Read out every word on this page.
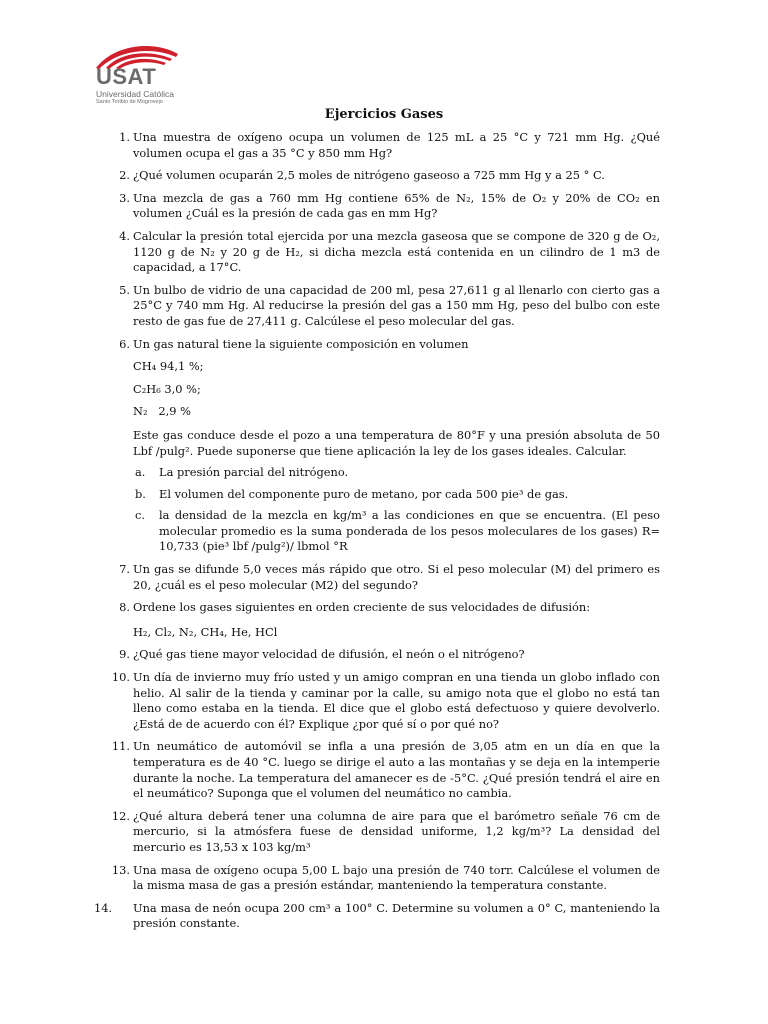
USAT
Universidad Católica
Santo Toribio de Mogrovejo
Ejercicios Gases
1. Una muestra de oxígeno ocupa un volumen de 125 mL a 25 °C y 721 mm Hg. ¿Qué volumen ocupa el gas a 35 °C y 850 mm Hg?
2. ¿Qué volumen ocuparán 2,5 moles de nitrógeno gaseoso a 725 mm Hg y a 25 ° C.
3. Una mezcla de gas a 760 mm Hg contiene 65% de N₂, 15% de O₂ y 20% de CO₂ en volumen ¿Cuál es la presión de cada gas en mm Hg?
4. Calcular la presión total ejercida por una mezcla gaseosa que se compone de 320 g de O₂, 1120 g de N₂ y 20 g de H₂, si dicha mezcla está contenida en un cilindro de 1 m3 de capacidad, a 17°C.
5. Un bulbo de vidrio de una capacidad de 200 ml, pesa 27,611 g al llenarlo con cierto gas a 25°C y 740 mm Hg. Al reducirse la presión del gas a 150 mm Hg, peso del bulbo con este resto de gas fue de 27,411 g. Calcúlese el peso molecular del gas.
6. Un gas natural tiene la siguiente composición en volumen
CH₄ 94,1 %;
C₂H₆ 3,0 %;
N₂   2,9 %
Este gas conduce desde el pozo a una temperatura de 80°F y una presión absoluta de 50 Lbf /pulg². Puede suponerse que tiene aplicación la ley de los gases ideales. Calcular.
a. La presión parcial del nitrógeno.
b. El volumen del componente puro de metano, por cada 500 pie³ de gas.
c. la densidad de la mezcla en kg/m³ a las condiciones en que se encuentra. (El peso molecular promedio es la suma ponderada de los pesos moleculares de los gases) R= 10,733 (pie³ lbf /pulg²)/ lbmol °R
7. Un gas se difunde 5,0 veces más rápido que otro. Si el peso molecular (M) del primero es 20, ¿cuál es el peso molecular (M2) del segundo?
8. Ordene los gases siguientes en orden creciente de sus velocidades de difusión:
H₂, Cl₂, N₂, CH₄, He, HCl
9. ¿Qué gas tiene mayor velocidad de difusión, el neón o el nitrógeno?
10. Un día de invierno muy frío usted y un amigo compran en una tienda un globo inflado con helio. Al salir de la tienda y caminar por la calle, su amigo nota que el globo no está tan lleno como estaba en la tienda. El dice que el globo está defectuoso y quiere devolverlo. ¿Está de de acuerdo con él? Explique ¿por qué sí o por qué no?
11. Un neumático de automóvil se infla a una presión de 3,05 atm en un día en que la temperatura es de 40 °C. luego se dirige el auto a las montañas y se deja en la intemperie durante la noche. La temperatura del amanecer es de -5°C. ¿Qué presión tendrá el aire en el neumático? Suponga que el volumen del neumático no cambia.
12. ¿Qué altura deberá tener una columna de aire para que el barómetro señale 76 cm de mercurio, si la atmósfera fuese de densidad uniforme, 1,2 kg/m³? La densidad del mercurio es 13,53 x 103 kg/m³
13. Una masa de oxígeno ocupa 5,00 L bajo una presión de 740 torr. Calcúlese el volumen de la misma masa de gas a presión estándar, manteniendo la temperatura constante.
14.	Una masa de neón ocupa 200 cm³ a 100° C. Determine su volumen a 0° C, manteniendo la presión constante.
